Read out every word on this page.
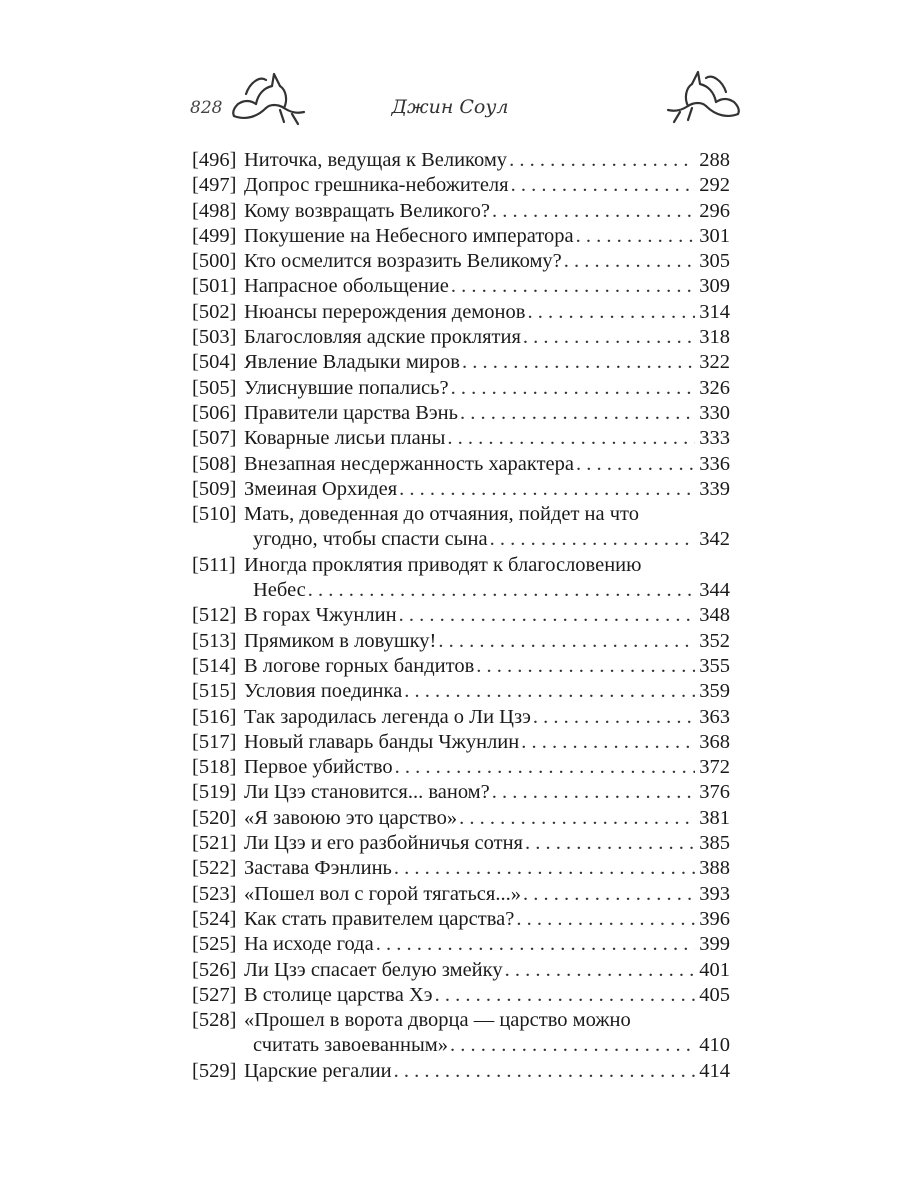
828	Джин Соул
[496] Ниточка, ведущая к Великому . . .	288
[497] Допрос грешника-небожителя . . .	292
[498] Кому возвращать Великого? . . .	296
[499] Покушение на Небесного императора . . .	301
[500] Кто осмелится возразить Великому? . . .	305
[501] Напрасное обольщение . . .	309
[502] Нюансы перерождения демонов . . .	314
[503] Благословляя адские проклятия . . .	318
[504] Явление Владыки миров . . .	322
[505] Улиснувшие попались? . . .	326
[506] Правители царства Вэнь . . .	330
[507] Коварные лисьи планы . . .	333
[508] Внезапная несдержанность характера . . .	336
[509] Змеиная Орхидея . . .	339
[510] Мать, доведенная до отчаяния, пойдет на что
угодно, чтобы спасти сына . . .	342
[511] Иногда проклятия приводят к благословению
Небес . . .	344
[512] В горах Чжунлин . . .	348
[513] Прямиком в ловушку! . . .	352
[514] В логове горных бандитов . . .	355
[515] Условия поединка . . .	359
[516] Так зародилась легенда о Ли Цзэ . . .	363
[517] Новый главарь банды Чжунлин . . .	368
[518] Первое убийство . . .	372
[519] Ли Цзэ становится... ваном? . . .	376
[520] «Я завоюю это царство» . . .	381
[521] Ли Цзэ и его разбойничья сотня . . .	385
[522] Застава Фэнлинь . . .	388
[523] «Пошел вол с горой тягаться...» . . .	393
[524] Как стать правителем царства? . . .	396
[525] На исходе года . . .	399
[526] Ли Цзэ спасает белую змейку . . .	401
[527] В столице царства Хэ . . .	405
[528] «Прошел в ворота дворца — царство можно
считать завоеванным» . . .	410
[529] Царские регалии . . .	414
